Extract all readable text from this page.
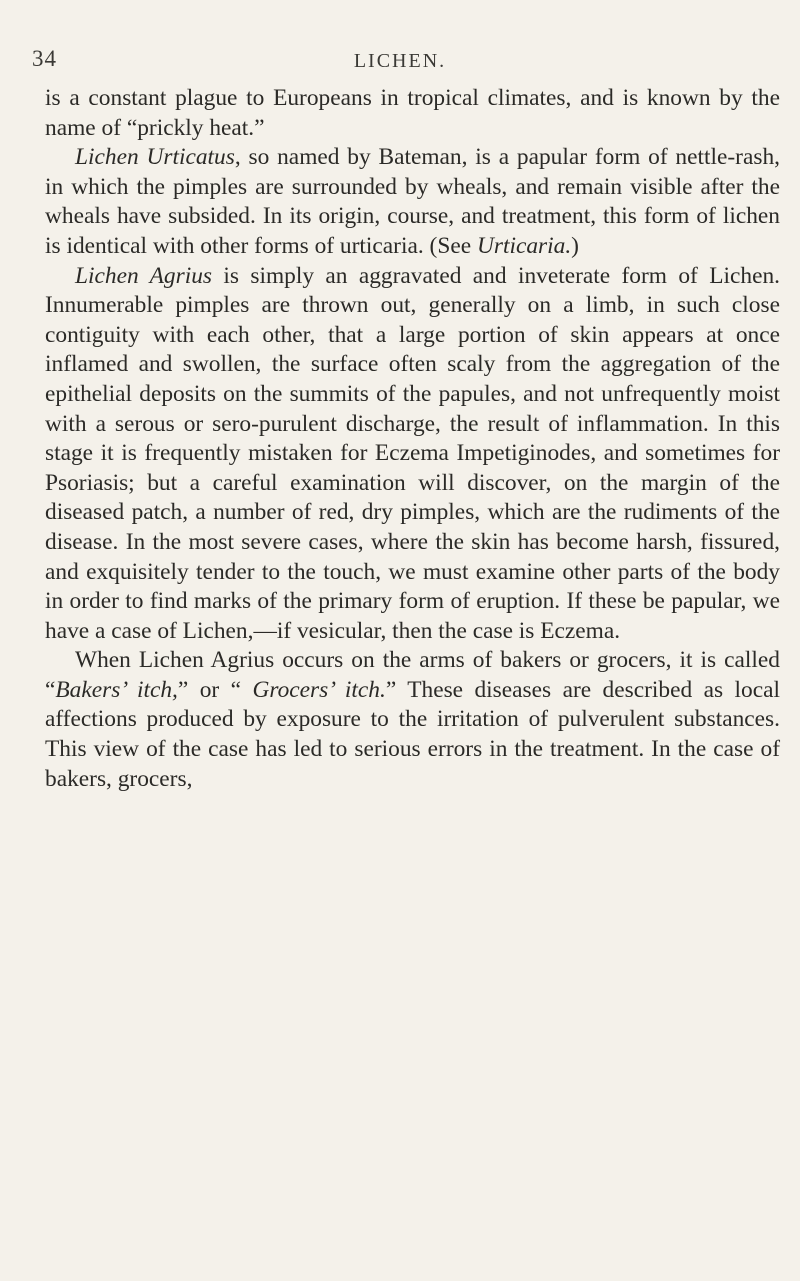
34	LICHEN.

is a constant plague to Europeans in tropical climates, and is known by the name of “prickly heat.”

Lichen Urticatus, so named by Bateman, is a papular form of nettle-rash, in which the pimples are surrounded by wheals, and remain visible after the wheals have subsided. In its origin, course, and treatment, this form of lichen is identical with other forms of urticaria. (See Urticaria.)

Lichen Agrius is simply an aggravated and inveterate form of Lichen. Innumerable pimples are thrown out, generally on a limb, in such close contiguity with each other, that a large portion of skin appears at once inflamed and swollen, the surface often scaly from the aggregation of the epithelial deposits on the summits of the papules, and not unfrequently moist with a serous or sero-purulent discharge, the result of inflammation. In this stage it is frequently mistaken for Eczema Impetiginodes, and sometimes for Psoriasis; but a careful examination will discover, on the margin of the diseased patch, a number of red, dry pimples, which are the rudiments of the disease. In the most severe cases, where the skin has become harsh, fissured, and exquisitely tender to the touch, we must examine other parts of the body in order to find marks of the primary form of eruption. If these be papular, we have a case of Lichen,—if vesicular, then the case is Eczema.

When Lichen Agrius occurs on the arms of bakers or grocers, it is called “Bakers’ itch,” or “ Grocers’ itch.” These diseases are described as local affections produced by exposure to the irritation of pulverulent substances. This view of the case has led to serious errors in the treatment. In the case of bakers, grocers,
